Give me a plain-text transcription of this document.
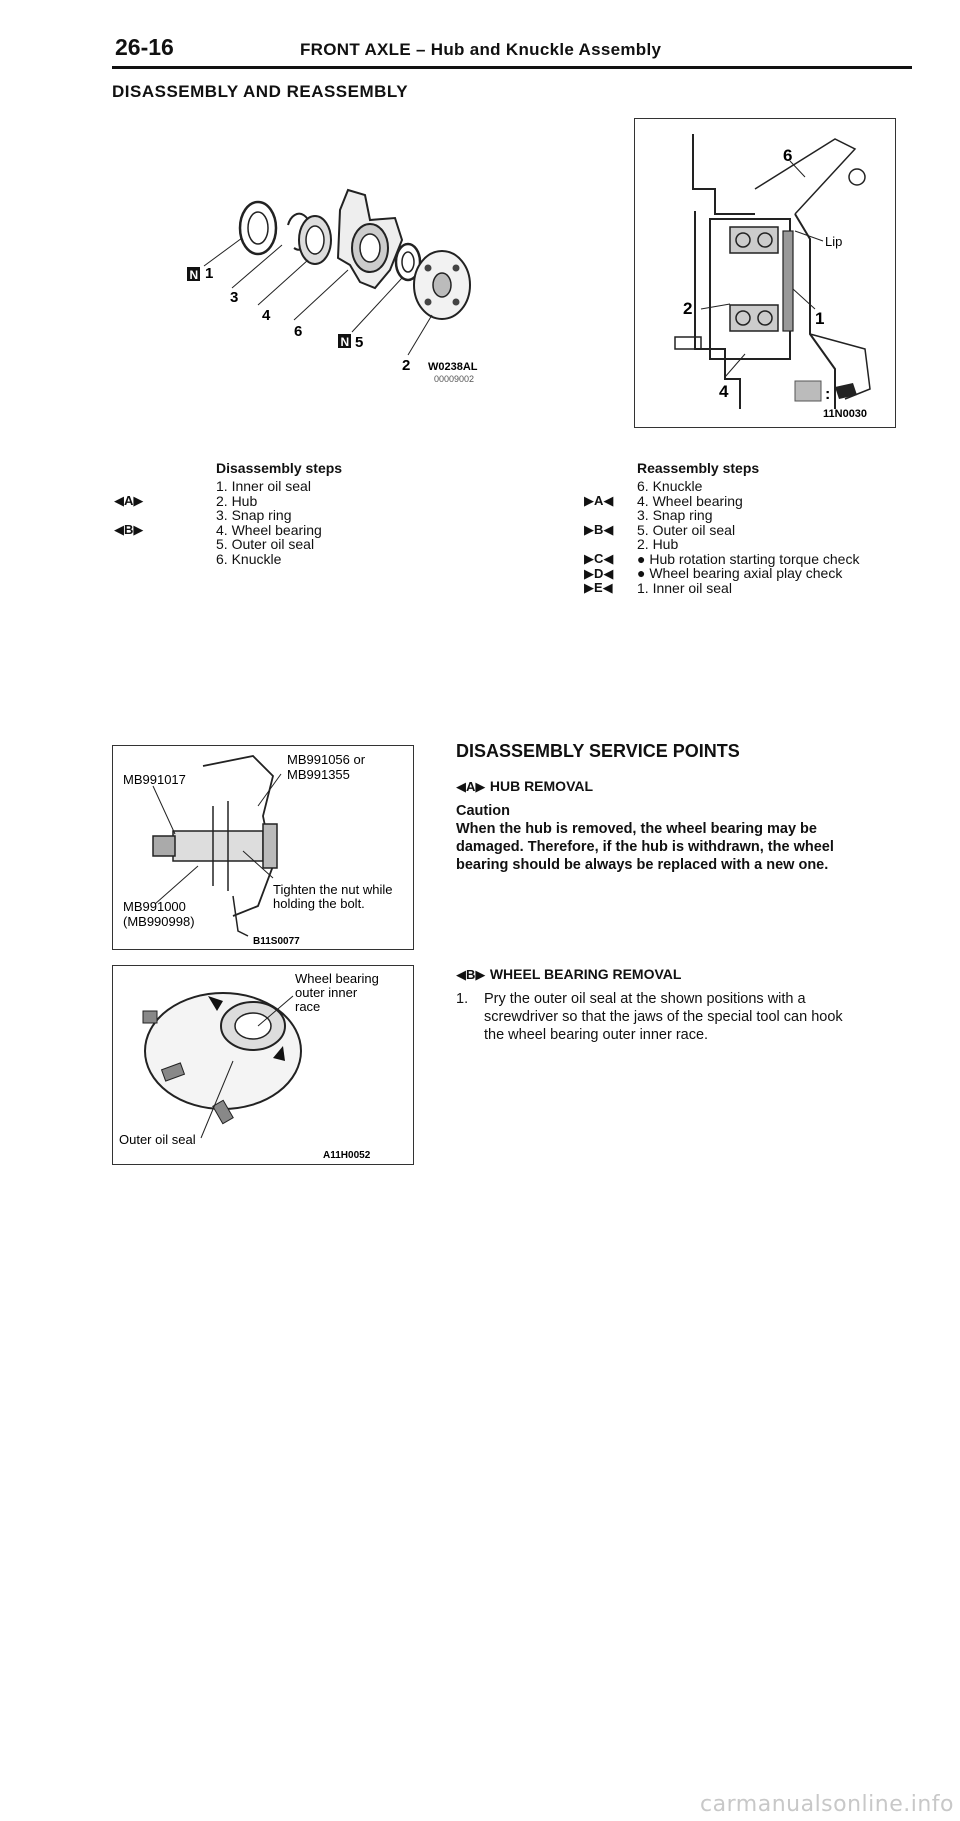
26-16	FRONT AXLE – Hub and Knuckle Assembly
DISASSEMBLY AND REASSEMBLY
N
N
1
3
4
6
5
2 W0238AL
00009002
:
6
2
1
4
Lip
11N0030
Disassembly steps
1. Inner oil seal
2. Hub
3. Snap ring
4. Wheel bearing
5. Outer oil seal
6. Knuckle
◀A▶
◀B▶
Reassembly steps
6. Knuckle
4. Wheel bearing
3. Snap ring
5. Outer oil seal
2. Hub
● Hub rotation starting torque check
● Wheel bearing axial play check
1. Inner oil seal
▶A◀
▶B◀
▶C◀
▶D◀
▶E◀
MB991056 or
MB991355
MB991017
Tighten the nut while
holding the bolt.
MB991000
(MB990998)
B11S0077
Wheel bearing
outer inner
race
Outer oil seal
A11H0052
DISASSEMBLY SERVICE POINTS
◀A▶ HUB REMOVAL
Caution
When the hub is removed, the wheel bearing may be
damaged. Therefore, if the hub is withdrawn, the wheel
bearing should be always be replaced with a new one.
◀B▶ WHEEL BEARING REMOVAL
1. Pry the outer oil seal at the shown positions with a
screwdriver so that the jaws of the special tool can hook
the wheel bearing outer inner race.
carmanualsonline.info
